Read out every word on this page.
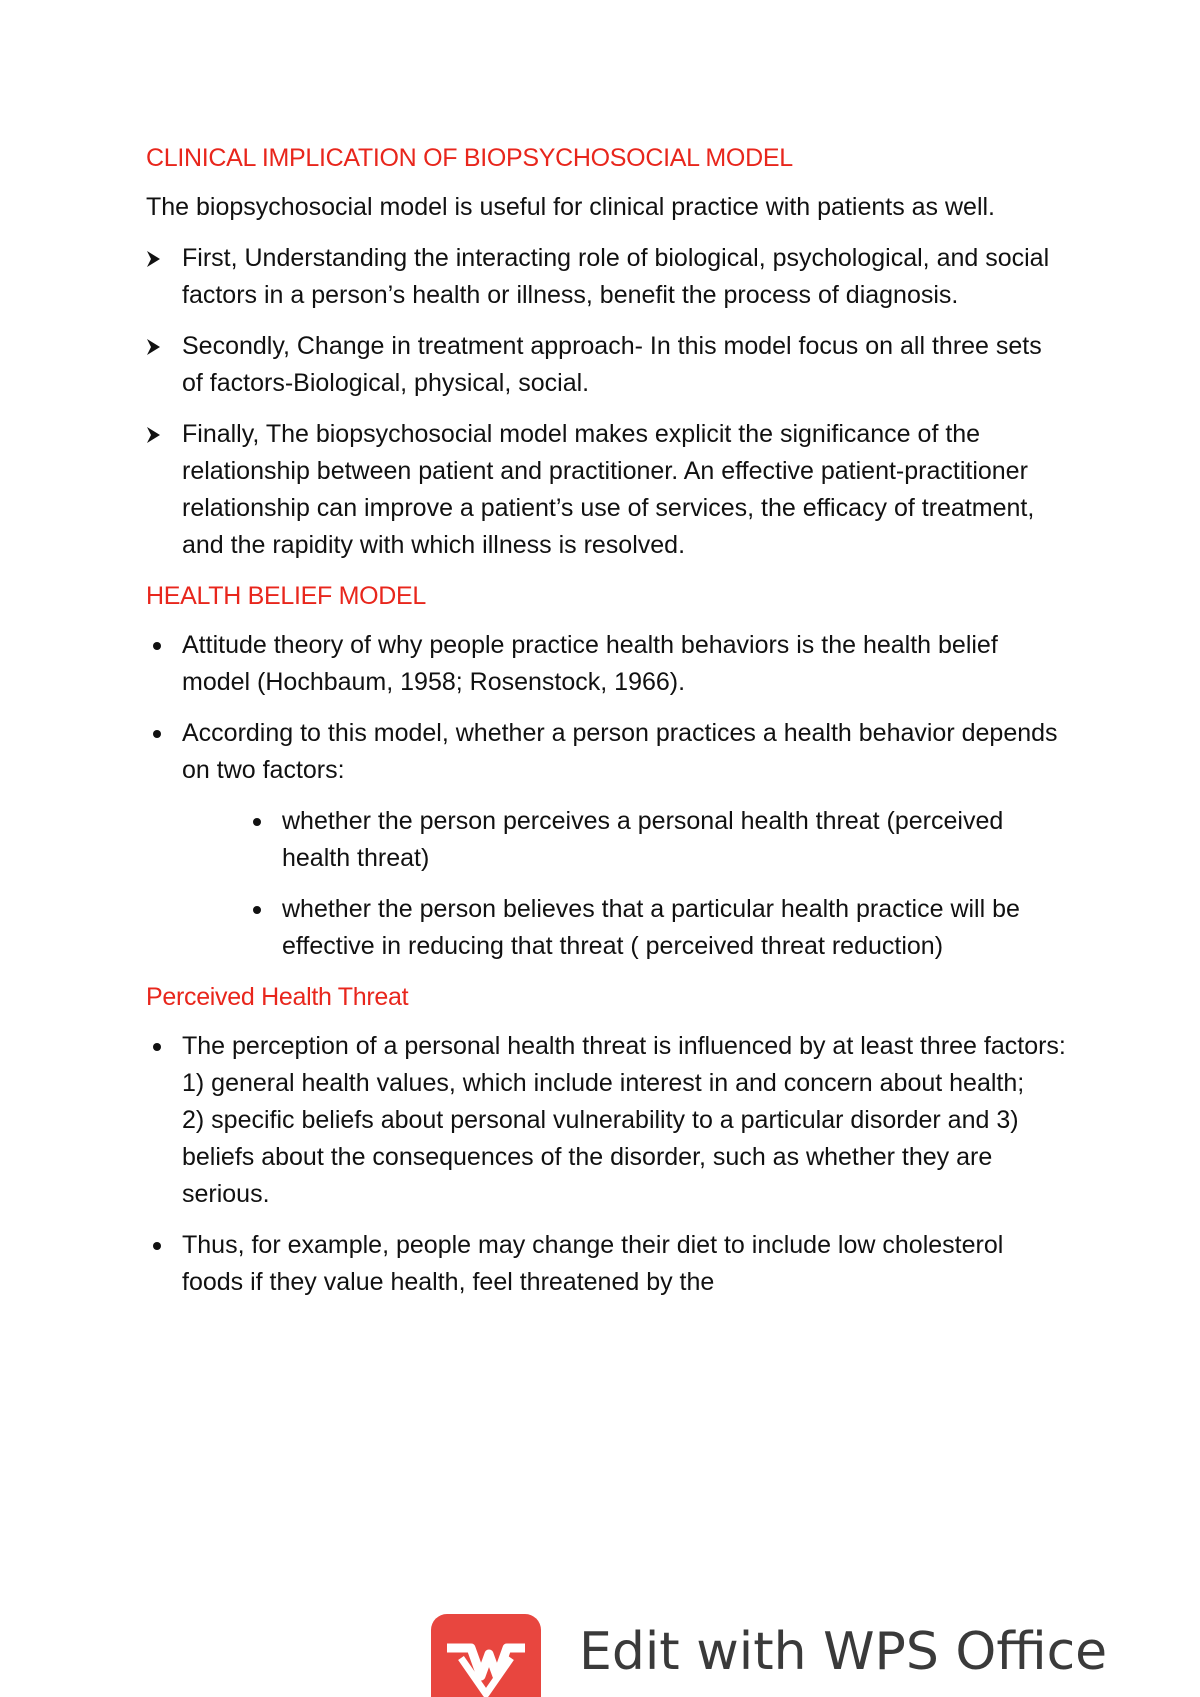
CLINICAL IMPLICATION OF BIOPSYCHOSOCIAL MODEL

The biopsychosocial model is useful for clinical practice with patients as well.

First, Understanding the interacting role of biological, psychological, and social factors in a person’s health or illness, benefit the process of diagnosis.
Secondly, Change in treatment approach- In this model focus on all three sets of factors-Biological, physical, social.
Finally, The biopsychosocial model makes explicit the significance of the relationship between patient and practitioner. An effective patient-practitioner relationship can improve a patient’s use of services, the efficacy of treatment, and the rapidity with which illness is resolved.
HEALTH BELIEF MODEL
Attitude theory of why people practice health behaviors is the health belief model (Hochbaum, 1958; Rosenstock, 1966).
According to this model, whether a person practices a health behavior depends on two factors:
whether the person perceives a personal health threat (perceived health threat)
whether the person believes that a particular health practice will be effective in reducing that threat ( perceived threat reduction)
Perceived Health Threat
The perception of a personal health threat is influenced by at least three factors:
1) general health values, which include interest in and concern about health;
2) specific beliefs about personal vulnerability to a particular disorder and 3) beliefs about the consequences of the disorder, such as whether they are serious.
Thus, for example, people may change their diet to include low cholesterol foods if they value health, feel threatened by the
Edit with WPS Office
